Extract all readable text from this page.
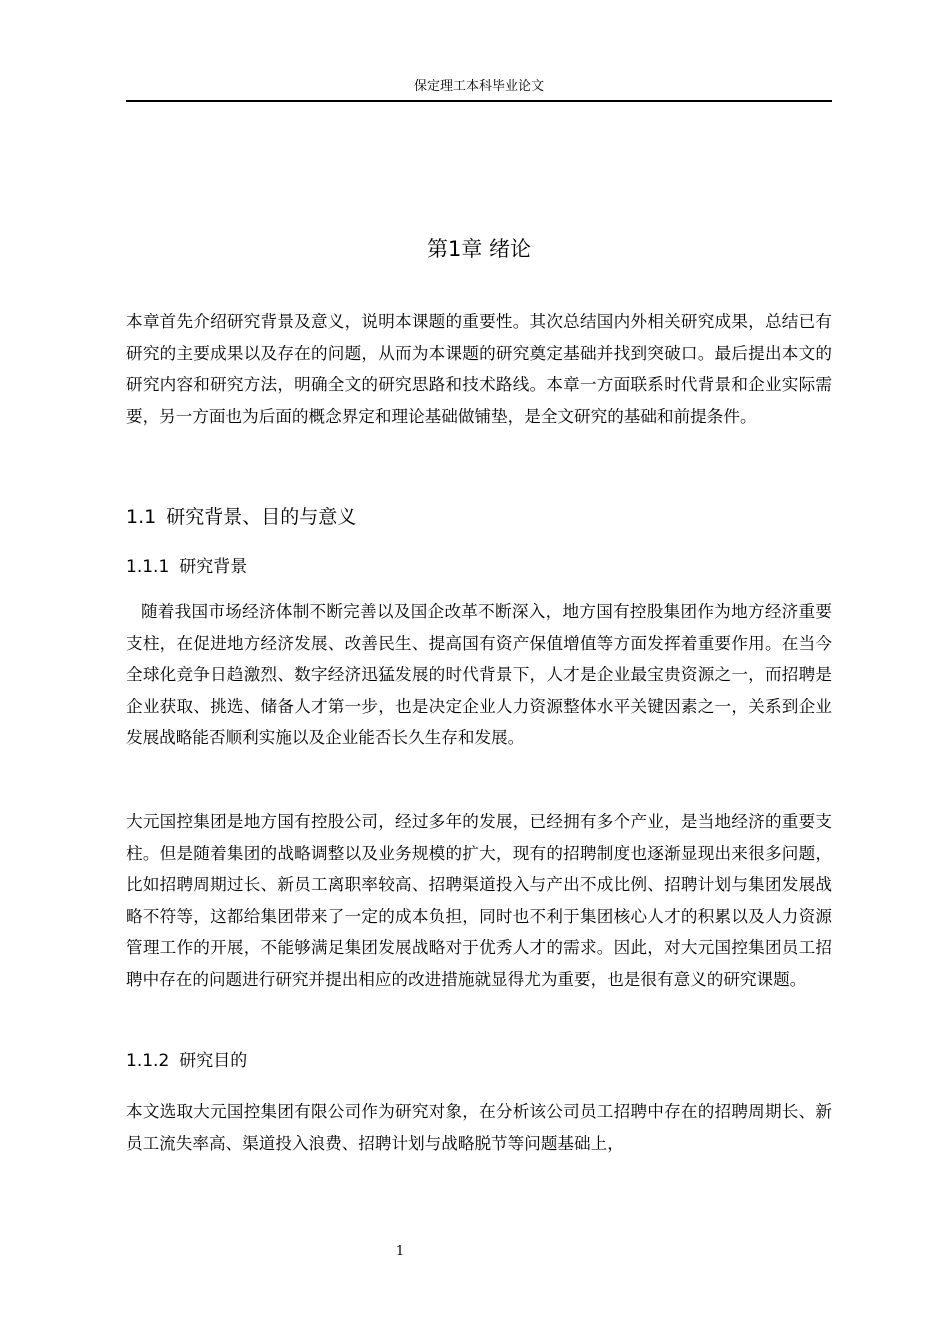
保定理工本科毕业论文
第1章 绪论

本章首先介绍研究背景及意义，说明本课题的重要性。其次总结国内外相关研究成果，总结已有研究的主要成果以及存在的问题，从而为本课题的研究奠定基础并找到突破口。最后提出本文的研究内容和研究方法，明确全文的研究思路和技术路线。本章一方面联系时代背景和企业实际需要，另一方面也为后面的概念界定和理论基础做铺垫，是全文研究的基础和前提条件。

1.1 研究背景、目的与意义
1.1.1 研究背景

随着我国市场经济体制不断完善以及国企改革不断深入，地方国有控股集团作为地方经济重要支柱，在促进地方经济发展、改善民生、提高国有资产保值增值等方面发挥着重要作用。在当今全球化竞争日趋激烈、数字经济迅猛发展的时代背景下，人才是企业最宝贵资源之一，而招聘是企业获取、挑选、储备人才第一步，也是决定企业人力资源整体水平关键因素之一，关系到企业发展战略能否顺利实施以及企业能否长久生存和发展。

大元国控集团是地方国有控股公司，经过多年的发展，已经拥有多个产业，是当地经济的重要支柱。但是随着集团的战略调整以及业务规模的扩大，现有的招聘制度也逐渐显现出来很多问题，比如招聘周期过长、新员工离职率较高、招聘渠道投入与产出不成比例、招聘计划与集团发展战略不符等，这都给集团带来了一定的成本负担，同时也不利于集团核心人才的积累以及人力资源管理工作的开展，不能够满足集团发展战略对于优秀人才的需求。因此，对大元国控集团员工招聘中存在的问题进行研究并提出相应的改进措施就显得尤为重要，也是很有意义的研究课题。

1.1.2 研究目的

本文选取大元国控集团有限公司作为研究对象，在分析该公司员工招聘中存在的招聘周期长、新员工流失率高、渠道投入浪费、招聘计划与战略脱节等问题基础上，

1
